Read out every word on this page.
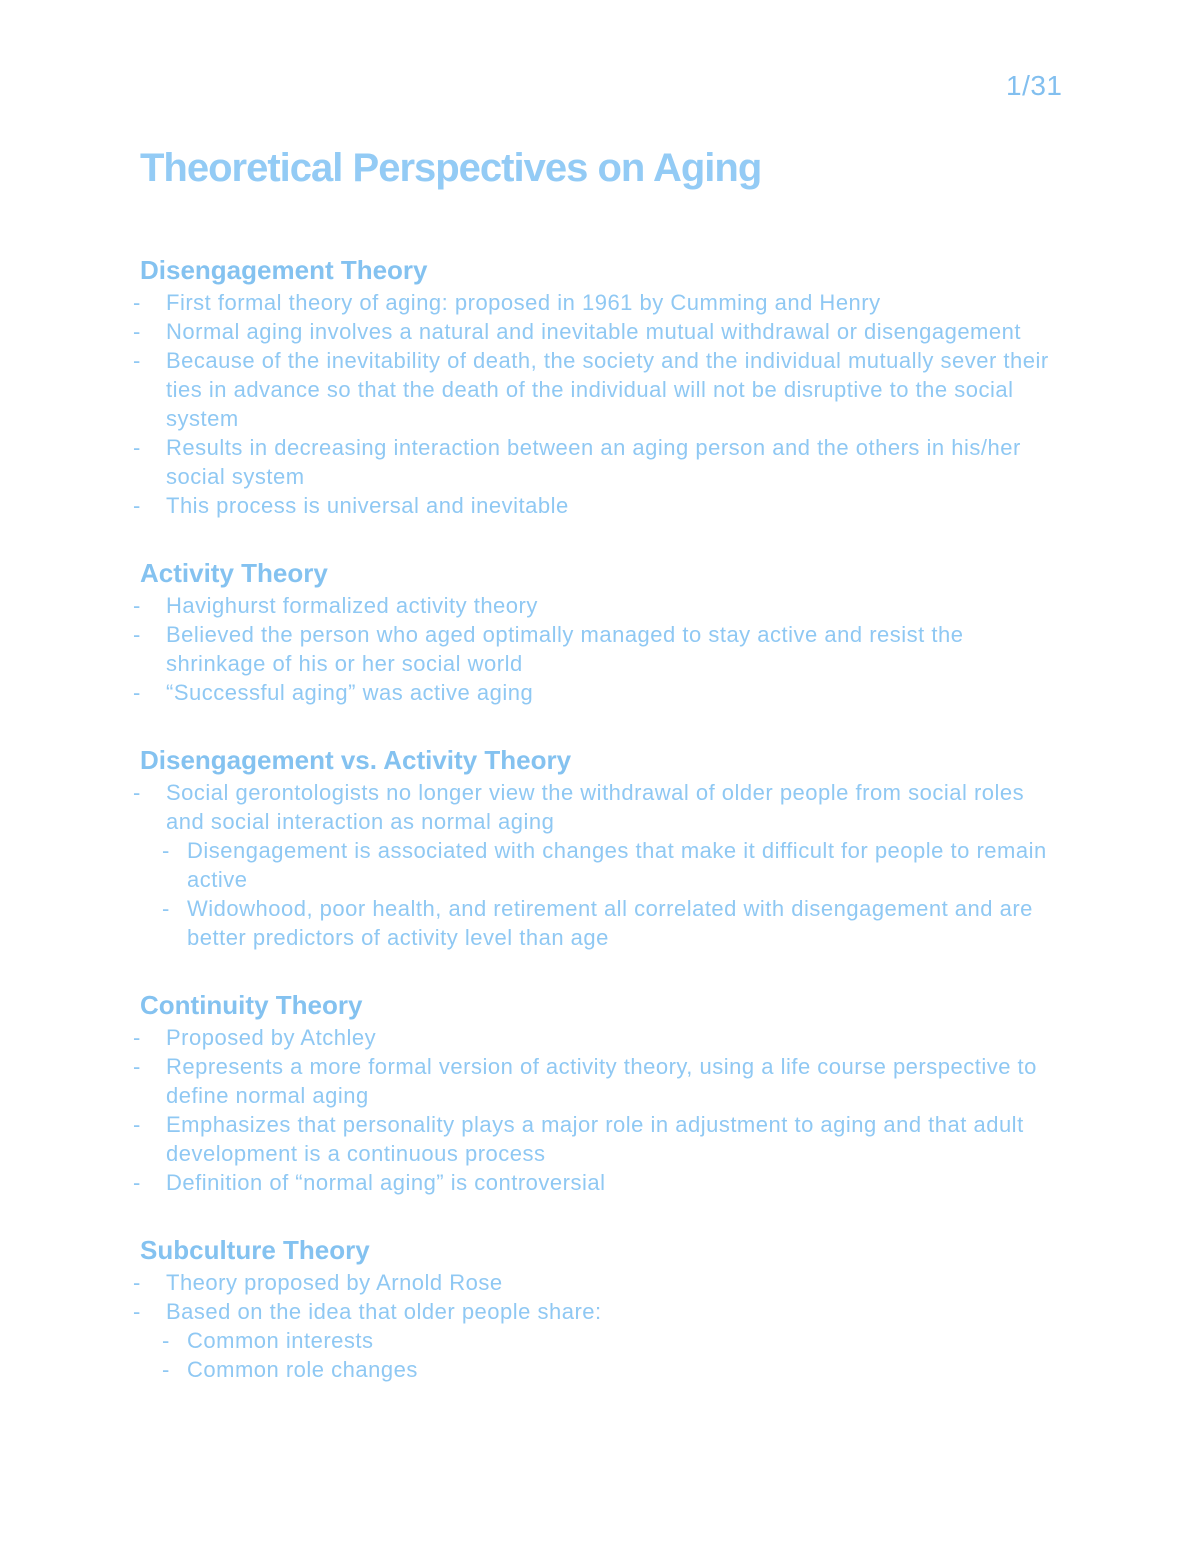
1/31
Theoretical Perspectives on Aging
Disengagement Theory
-	First formal theory of aging: proposed in 1961 by Cumming and Henry
-	Normal aging involves a natural and inevitable mutual withdrawal or disengagement
-	Because of the inevitability of death, the society and the individual mutually sever their ties in advance so that the death of the individual will not be disruptive to the social system
-	Results in decreasing interaction between an aging person and the others in his/her social system
-	This process is universal and inevitable
Activity Theory
-	Havighurst formalized activity theory
-	Believed the person who aged optimally managed to stay active and resist the shrinkage of his or her social world
-	“Successful aging” was active aging
Disengagement vs. Activity Theory
-	Social gerontologists no longer view the withdrawal of older people from social roles and social interaction as normal aging
- Disengagement is associated with changes that make it difficult for people to remain active
- Widowhood, poor health, and retirement all correlated with disengagement and are better predictors of activity level than age
Continuity Theory
-	Proposed by Atchley
-	Represents a more formal version of activity theory, using a life course perspective to define normal aging
-	Emphasizes that personality plays a major role in adjustment to aging and that adult development is a continuous process
-	Definition of “normal aging” is controversial
Subculture Theory
-	Theory proposed by Arnold Rose
-	Based on the idea that older people share:
- Common interests
- Common role changes
